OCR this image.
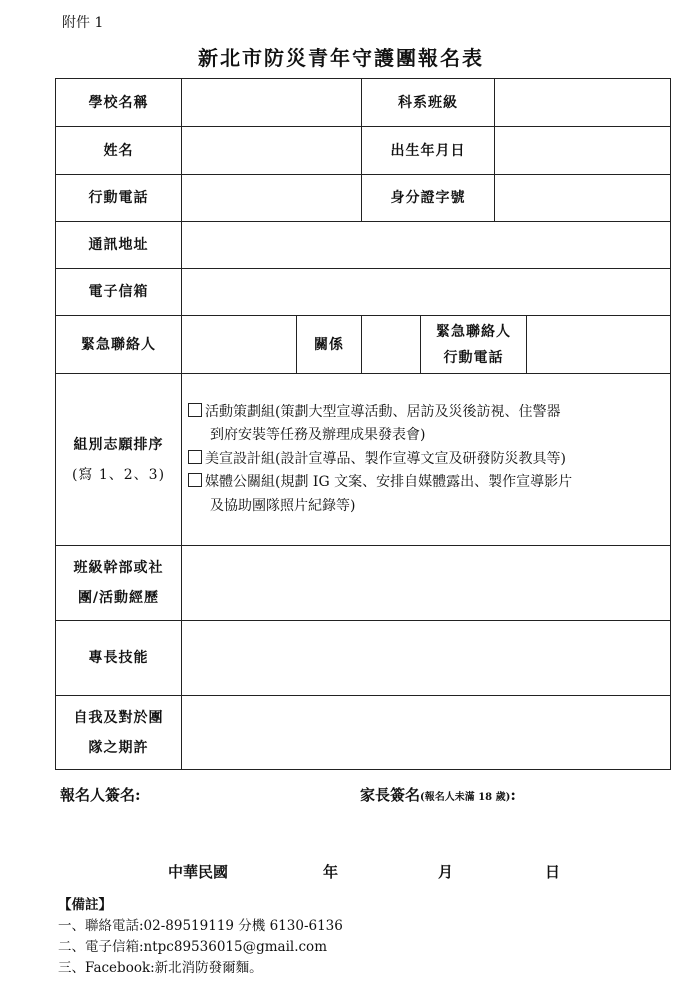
附件 1
新北市防災青年守護團報名表
學校名稱			科系班級			
姓名			出生年月日			
行動電話			身分證字號			
通訊地址						
電子信箱						
緊急聯絡人		關係		緊急聯絡人
行動電話		

組別志願排序
(寫 1、2、3)	活動策劃組(策劃大型宣導活動、居訪及災後訪視、住警器
到府安裝等任務及辦理成果發表會)
美宣設計組(設計宣導品、製作宣導文宣及研發防災教具等)
媒體公關組(規劃 IG 文案、安排自媒體露出、製作宣導影片
及協助團隊照片紀錄等)					

班級幹部或社
團/活動經歷						

專長技能						

自我及對於團
隊之期許						

報名人簽名:	家長簽名(報名人未滿 18 歲):
中華民國	年	月	日
【備註】
一、聯絡電話:02-89519119 分機 6130-6136
二、電子信箱:ntpc89536015@gmail.com
三、Facebook:新北消防發爾麵。
